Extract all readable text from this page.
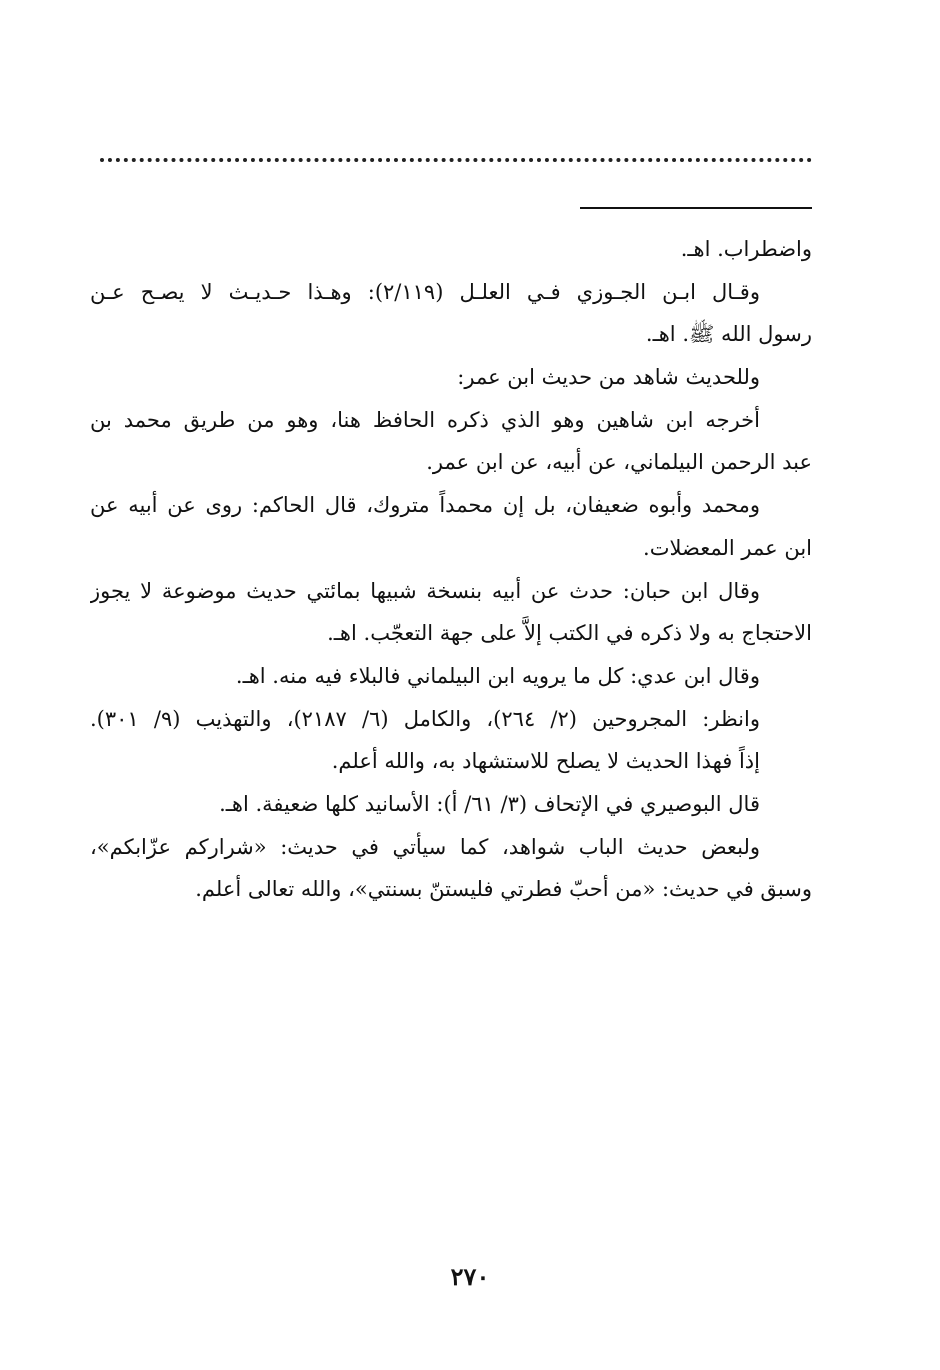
واضطراب. اهـ.
وقـال ابـن الجـوزي فـي العلـل (٢/١١٩): وهـذا حـديـث لا يصـح عـن
رسول الله ﷺ. اهـ.
وللحديث شاهد من حديث ابن عمر:
أخرجه ابن شاهين وهو الذي ذكره الحافظ هنا، وهو من طريق محمد بن
عبد الرحمن البيلماني، عن أبيه، عن ابن عمر.
ومحمد وأبوه ضعيفان، بل إن محمداً متروك، قال الحاكم: روى عن أبيه عن
ابن عمر المعضلات.
وقال ابن حبان: حدث عن أبيه بنسخة شبيها بمائتي حديث موضوعة لا يجوز
الاحتجاج به ولا ذكره في الكتب إلاَّ على جهة التعجّب. اهـ.
وقال ابن عدي: كل ما يرويه ابن البيلماني فالبلاء فيه منه. اهـ.
وانظر: المجروحين (٢/ ٢٦٤)، والكامل (٦/ ٢١٨٧)، والتهذيب (٩/ ٣٠١).
إذاً فهذا الحديث لا يصلح للاستشهاد به، والله أعلم.
قال البوصيري في الإتحاف (٣/ ٦١/ أ): الأسانيد كلها ضعيفة. اهـ.
ولبعض حديث الباب شواهد، كما سيأتي في حديث: «شراركم عزّابكم»،
وسبق في حديث: «من أحبّ فطرتي فليستنّ بسنتي»، والله تعالى أعلم.
٢٧٠
